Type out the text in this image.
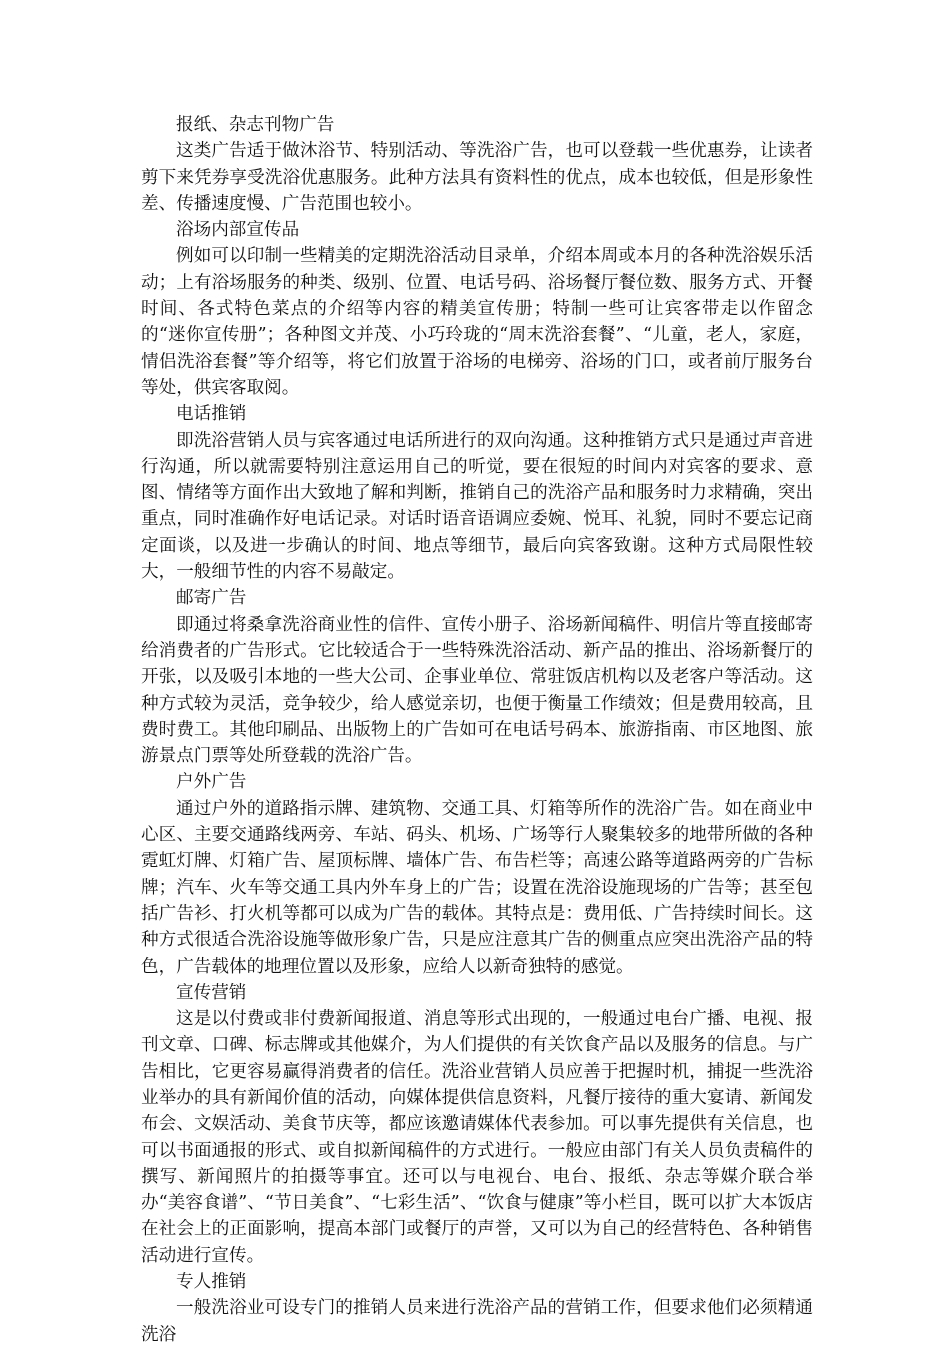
报纸、杂志刊物广告

这类广告适于做沐浴节、特别活动、等洗浴广告，也可以登载一些优惠券，让读者剪下来凭券享受洗浴优惠服务。此种方法具有资料性的优点，成本也较低，但是形象性差、传播速度慢、广告范围也较小。

浴场内部宣传品

例如可以印制一些精美的定期洗浴活动目录单，介绍本周或本月的各种洗浴娱乐活动；上有浴场服务的种类、级别、位置、电话号码、浴场餐厅餐位数、服务方式、开餐时间、各式特色菜点的介绍等内容的精美宣传册；特制一些可让宾客带走以作留念的“迷你宣传册”；各种图文并茂、小巧玲珑的“周末洗浴套餐”、“儿童，老人，家庭，情侣洗浴套餐”等介绍等，将它们放置于浴场的电梯旁、浴场的门口，或者前厅服务台等处，供宾客取阅。

电话推销

即洗浴营销人员与宾客通过电话所进行的双向沟通。这种推销方式只是通过声音进行沟通，所以就需要特别注意运用自己的听觉，要在很短的时间内对宾客的要求、意图、情绪等方面作出大致地了解和判断，推销自己的洗浴产品和服务时力求精确，突出重点，同时准确作好电话记录。对话时语音语调应委婉、悦耳、礼貌，同时不要忘记商定面谈，以及进一步确认的时间、地点等细节，最后向宾客致谢。这种方式局限性较大，一般细节性的内容不易敲定。

邮寄广告

即通过将桑拿洗浴商业性的信件、宣传小册子、浴场新闻稿件、明信片等直接邮寄给消费者的广告形式。它比较适合于一些特殊洗浴活动、新产品的推出、浴场新餐厅的开张，以及吸引本地的一些大公司、企事业单位、常驻饭店机构以及老客户等活动。这种方式较为灵活，竞争较少，给人感觉亲切，也便于衡量工作绩效；但是费用较高，且费时费工。其他印刷品、出版物上的广告如可在电话号码本、旅游指南、市区地图、旅游景点门票等处所登载的洗浴广告。

户外广告

通过户外的道路指示牌、建筑物、交通工具、灯箱等所作的洗浴广告。如在商业中心区、主要交通路线两旁、车站、码头、机场、广场等行人聚集较多的地带所做的各种霓虹灯牌、灯箱广告、屋顶标牌、墙体广告、布告栏等；高速公路等道路两旁的广告标牌；汽车、火车等交通工具内外车身上的广告；设置在洗浴设施现场的广告等；甚至包括广告衫、打火机等都可以成为广告的载体。其特点是：费用低、广告持续时间长。这种方式很适合洗浴设施等做形象广告，只是应注意其广告的侧重点应突出洗浴产品的特色，广告载体的地理位置以及形象，应给人以新奇独特的感觉。

宣传营销

这是以付费或非付费新闻报道、消息等形式出现的，一般通过电台广播、电视、报刊文章、口碑、标志牌或其他媒介，为人们提供的有关饮食产品以及服务的信息。与广告相比，它更容易赢得消费者的信任。洗浴业营销人员应善于把握时机，捕捉一些洗浴业举办的具有新闻价值的活动，向媒体提供信息资料，凡餐厅接待的重大宴请、新闻发布会、文娱活动、美食节庆等，都应该邀请媒体代表参加。可以事先提供有关信息，也可以书面通报的形式、或自拟新闻稿件的方式进行。一般应由部门有关人员负责稿件的撰写、新闻照片的拍摄等事宜。还可以与电视台、电台、报纸、杂志等媒介联合举办“美容食谱”、“节日美食”、“七彩生活”、“饮食与健康”等小栏目，既可以扩大本饭店在社会上的正面影响，提高本部门或餐厅的声誉，又可以为自己的经营特色、各种销售活动进行宣传。

专人推销

一般洗浴业可设专门的推销人员来进行洗浴产品的营销工作，但要求他们必须精通洗浴
